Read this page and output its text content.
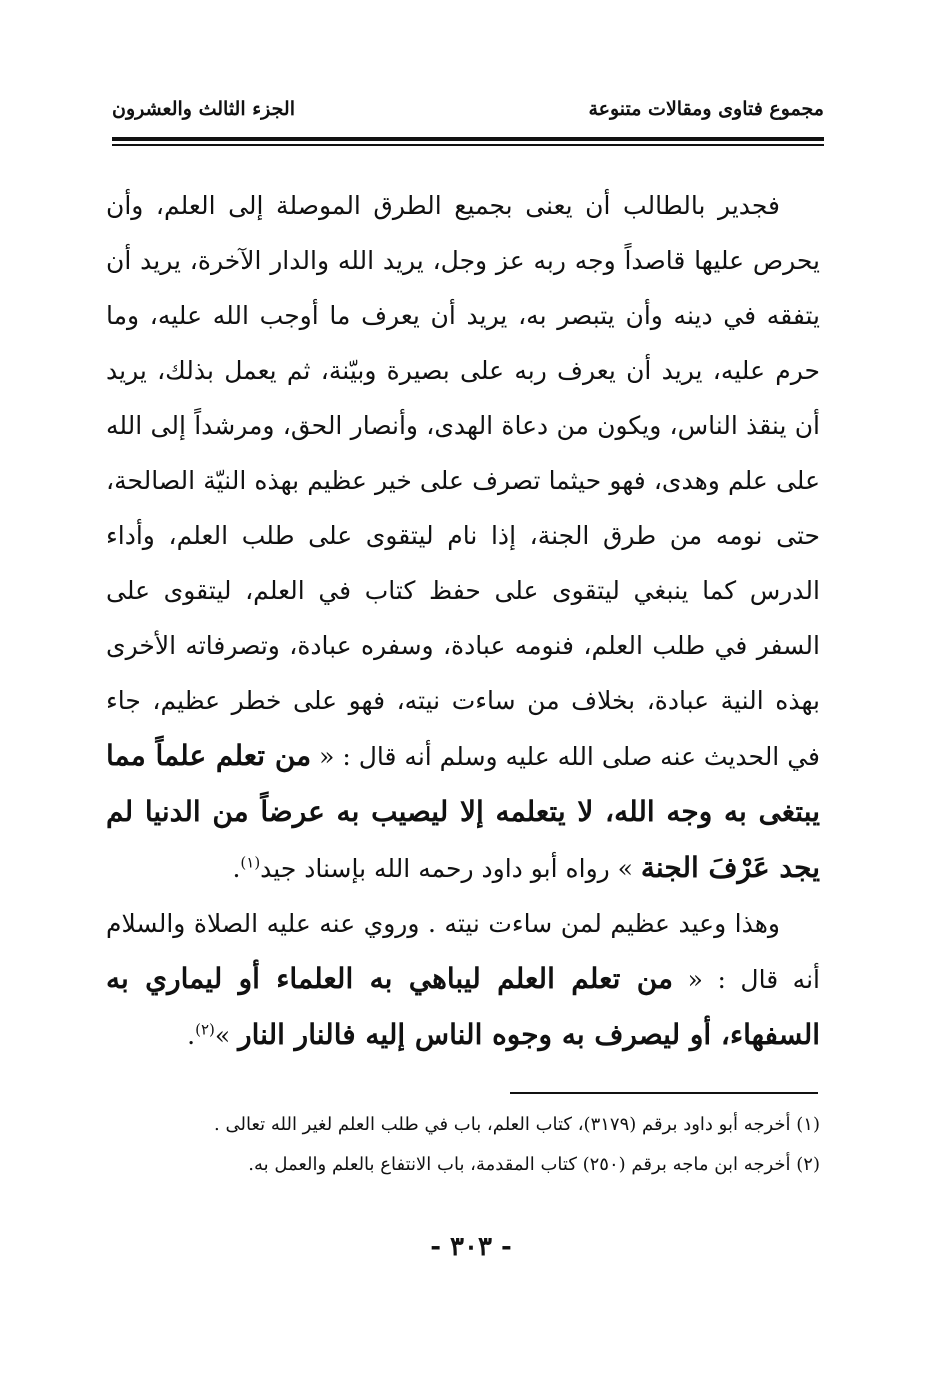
مجموع فتاوى ومقالات متنوعة
الجزء الثالث والعشرون

فجدير بالطالب أن يعنى بجميع الطرق الموصلة إلى العلم، وأن يحرص عليها قاصداً وجه ربه عز وجل، يريد الله والدار الآخرة، يريد أن يتفقه في دينه وأن يتبصر به، يريد أن يعرف ما أوجب الله عليه، وما حرم عليه، يريد أن يعرف ربه على بصيرة وبيّنة، ثم يعمل بذلك، يريد أن ينقذ الناس، ويكون من دعاة الهدى، وأنصار الحق، ومرشداً إلى الله على علم وهدى، فهو حيثما تصرف على خير عظيم بهذه النيّة الصالحة، حتى نومه من طرق الجنة، إذا نام ليتقوى على طلب العلم، وأداء الدرس كما ينبغي ليتقوى على حفظ كتاب في العلم، ليتقوى على السفر في طلب العلم، فنومه عبادة، وسفره عبادة، وتصرفاته الأخرى بهذه النية عبادة، بخلاف من ساءت نيته، فهو على خطر عظيم، جاء في الحديث عنه صلى الله عليه وسلم أنه قال : « من تعلم علماً مما يبتغى به وجه الله، لا يتعلمه إلا ليصيب به عرضاً من الدنيا لم يجد عَرْفَ الجنة » رواه أبو داود رحمه الله بإسناد جيد$^{(١)}$.

وهذا وعيد عظيم لمن ساءت نيته . وروي عنه عليه الصلاة والسلام أنه قال : « من تعلم العلم ليباهي به العلماء أو ليماري به السفهاء، أو ليصرف به وجوه الناس إليه فالنار النار »$^{(٢)}$.

(١) أخرجه أبو داود برقم (٣١٧٩)، كتاب العلم، باب في طلب العلم لغير الله تعالى .

(٢) أخرجه ابن ماجه برقم (٢٥٠) كتاب المقدمة، باب الانتفاع بالعلم والعمل به.

- ٣٠٣ -
